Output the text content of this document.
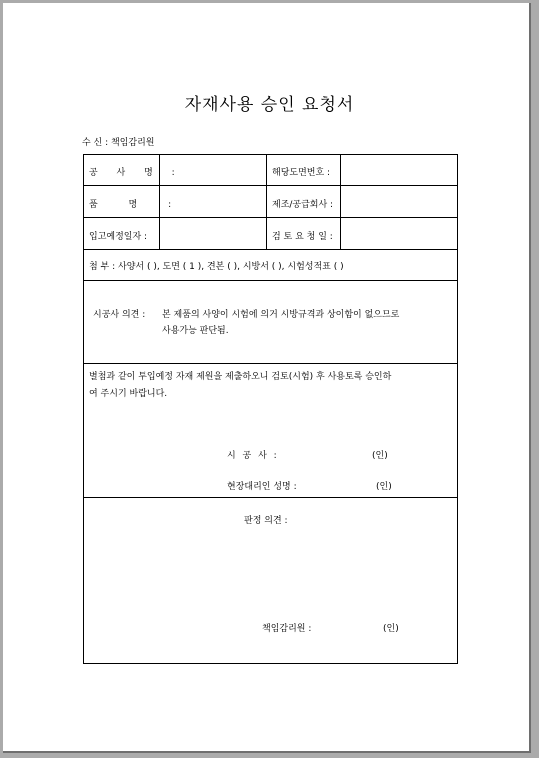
자재사용 승인 요청서
수 신 : 책임감리원
공 사 명 :	해당도면번호 :
품 명 :	제조/공급회사 :
입고예정일자 :	검 토 요 청 일 :
첨 부 : 사양서 ( ), 도면 ( 1 ), 견본 ( ), 시방서 ( ), 시험성적표 ( )
시공사 의견 : 본 제품의 사양이 시험에 의거 시방규격과 상이함이 없으므로
사용가능 판단됨.
별첨과 같이 투입예정 자재 제원을 제출하오니 검토(시험) 후 사용토록 승인하
여 주시기 바랍니다.
시 공 사 :	(인)
현장대리인 성명 :	(인)
판정 의견 :
책임감리원 :	(인)
